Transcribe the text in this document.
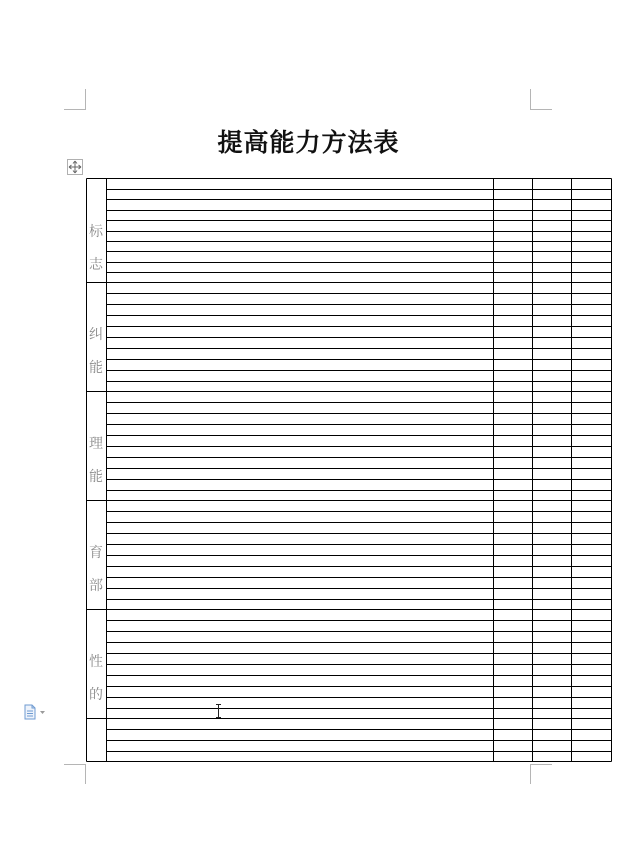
提高能力方法表
标
志
纠
能
理
能
育
部
性
的
